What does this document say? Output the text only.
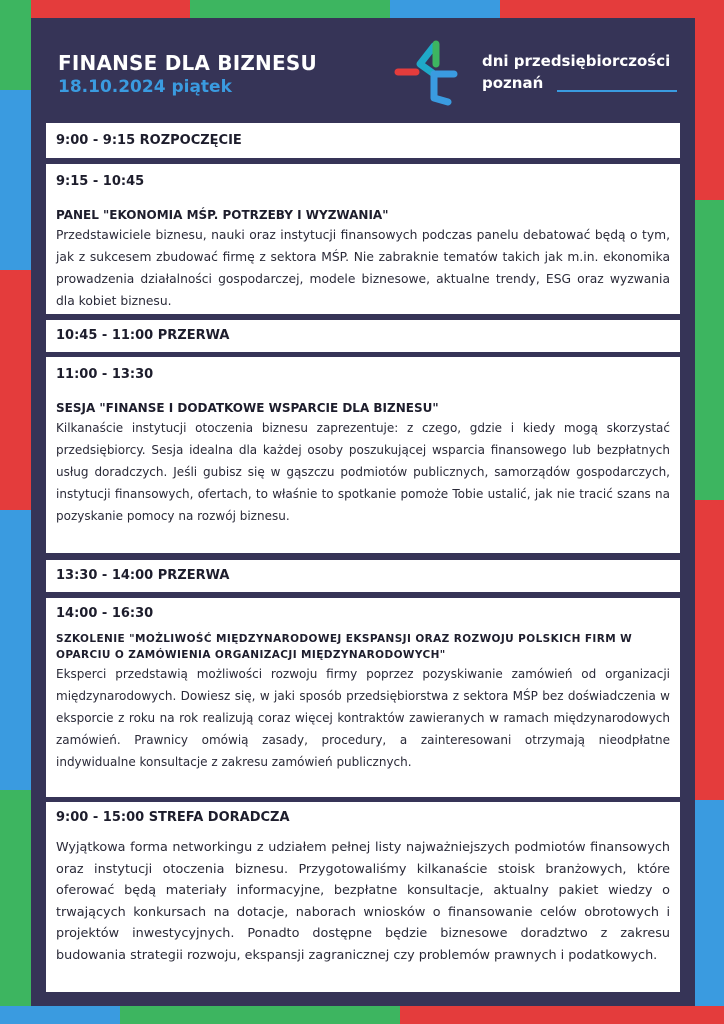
FINANSE DLA BIZNESU
18.10.2024 piątek
dni przedsiębiorczości
poznań
9:00 - 9:15 ROZPOCZĘCIE
9:15 - 10:45
PANEL "EKONOMIA MŚP. POTRZEBY I WYZWANIA"
Przedstawiciele biznesu, nauki oraz instytucji finansowych podczas panelu debatować będą o tym, jak z sukcesem zbudować firmę z sektora MŚP. Nie zabraknie tematów takich jak m.in. ekonomika prowadzenia działalności gospodarczej, modele biznesowe, aktualne trendy, ESG oraz wyzwania dla kobiet biznesu.
10:45 - 11:00 PRZERWA
11:00 - 13:30
SESJA "FINANSE I DODATKOWE WSPARCIE DLA BIZNESU"
Kilkanaście instytucji otoczenia biznesu zaprezentuje: z czego, gdzie i kiedy mogą skorzystać przedsiębiorcy. Sesja idealna dla każdej osoby poszukującej wsparcia finansowego lub bezpłatnych usług doradczych. Jeśli gubisz się w gąszczu podmiotów publicznych, samorządów gospodarczych, instytucji finansowych, ofertach, to właśnie to spotkanie pomoże Tobie ustalić, jak nie tracić szans na pozyskanie pomocy na rozwój biznesu.
13:30 - 14:00 PRZERWA
14:00 - 16:30
SZKOLENIE "MOŻLIWOŚĆ MIĘDZYNARODOWEJ EKSPANSJI ORAZ ROZWOJU POLSKICH FIRM W OPARCIU O ZAMÓWIENIA ORGANIZACJI MIĘDZYNARODOWYCH"
Eksperci przedstawią możliwości rozwoju firmy poprzez pozyskiwanie zamówień od organizacji międzynarodowych. Dowiesz się, w jaki sposób przedsiębiorstwa z sektora MŚP bez doświadczenia w eksporcie z roku na rok realizują coraz więcej kontraktów zawieranych w ramach międzynarodowych zamówień. Prawnicy omówią zasady, procedury, a zainteresowani otrzymają nieodpłatne indywidualne konsultacje z zakresu zamówień publicznych.
9:00 - 15:00 STREFA DORADCZA
Wyjątkowa forma networkingu z udziałem pełnej listy najważniejszych podmiotów finansowych oraz instytucji otoczenia biznesu. Przygotowaliśmy kilkanaście stoisk branżowych, które oferować będą materiały informacyjne, bezpłatne konsultacje, aktualny pakiet wiedzy o trwających konkursach na dotacje, naborach wniosków o finansowanie celów obrotowych i projektów inwestycyjnych. Ponadto dostępne będzie biznesowe doradztwo z zakresu budowania strategii rozwoju, ekspansji zagranicznej czy problemów prawnych i podatkowych.
